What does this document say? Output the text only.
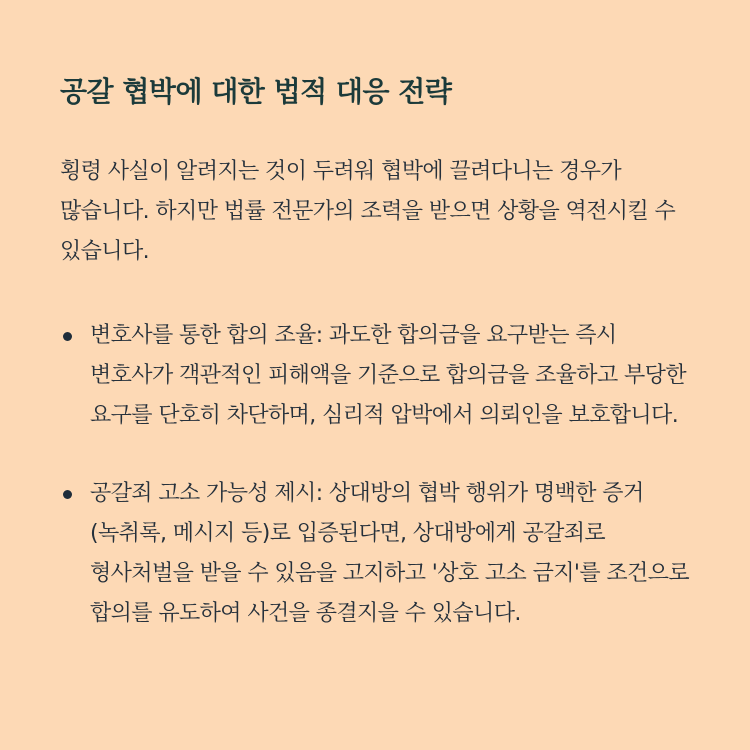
공갈 협박에 대한 법적 대응 전략

횡령 사실이 알려지는 것이 두려워 협박에 끌려다니는 경우가 많습니다. 하지만 법률 전문가의 조력을 받으면 상황을 역전시킬 수 있습니다.

변호사를 통한 합의 조율: 과도한 합의금을 요구받는 즉시 변호사가 객관적인 피해액을 기준으로 합의금을 조율하고 부당한 요구를 단호히 차단하며, 심리적 압박에서 의뢰인을 보호합니다.
공갈죄 고소 가능성 제시: 상대방의 협박 행위가 명백한 증거(녹취록, 메시지 등)로 입증된다면, 상대방에게 공갈죄로 형사처벌을 받을 수 있음을 고지하고 '상호 고소 금지'를 조건으로 합의를 유도하여 사건을 종결지을 수 있습니다.
